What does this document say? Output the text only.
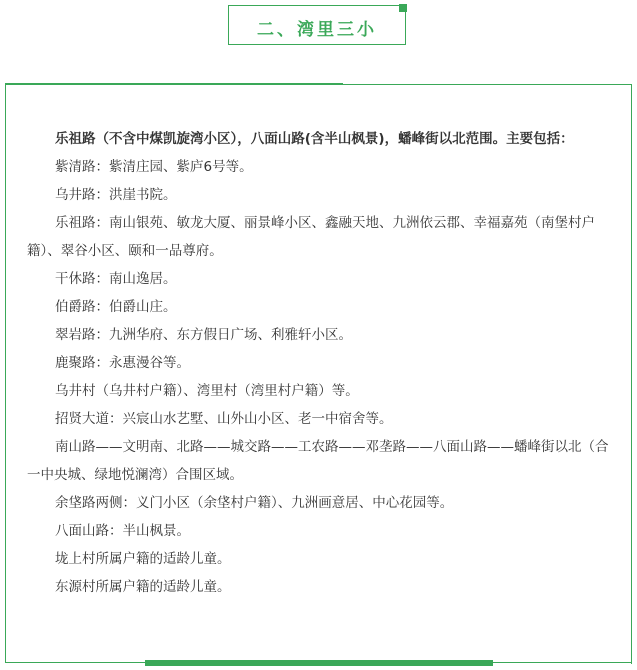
二、湾里三小

乐祖路（不含中煤凯旋湾小区），八面山路(含半山枫景)，蟠峰街以北范围。主要包括：

紫清路：紫清庄园、紫庐6号等。

乌井路：洪崖书院。

乐祖路：南山银苑、敏龙大厦、丽景峰小区、鑫融天地、九洲依云郡、幸福嘉苑（南堡村户籍）、翠谷小区、颐和一品尊府。

干休路：南山逸居。

伯爵路：伯爵山庄。

翠岩路：九洲华府、东方假日广场、利雅轩小区。

鹿聚路：永惠漫谷等。

乌井村（乌井村户籍）、湾里村（湾里村户籍）等。

招贤大道：兴宸山水艺墅、山外山小区、老一中宿舍等。

南山路——文明南、北路——城交路——工农路——邓垄路——八面山路——蟠峰街以北（合一中央城、绿地悦澜湾）合围区域。

余垡路两侧：义门小区（余垡村户籍）、九洲画意居、中心花园等。

八面山路：半山枫景。

垅上村所属户籍的适龄儿童。

东源村所属户籍的适龄儿童。
